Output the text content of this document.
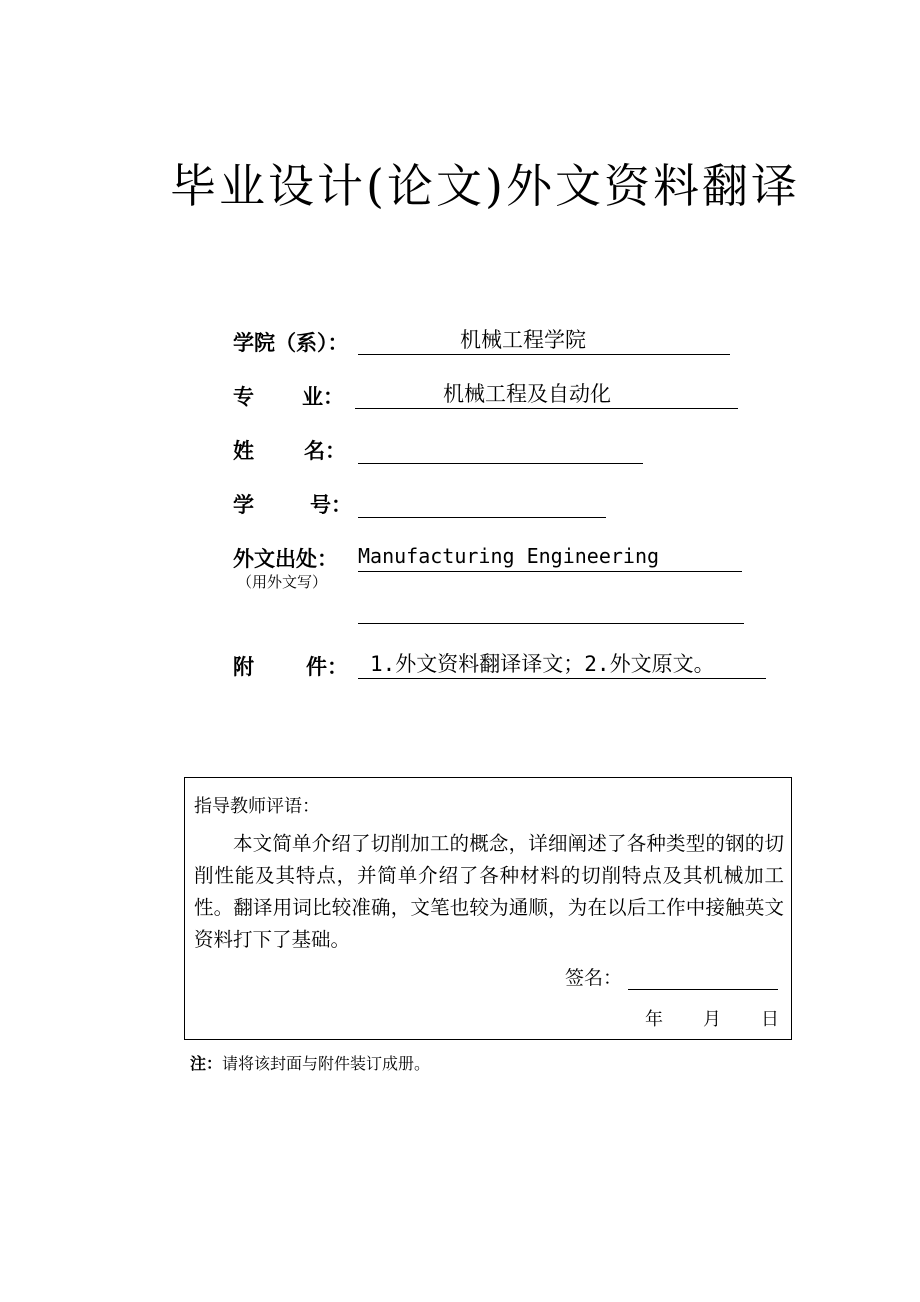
毕业设计(论文)外文资料翻译
学院（系）：	机械工程学院
专 业：	机械工程及自动化
姓 名：
学	号：
外文出处：
（用外文写）
Manufacturing Engineering
附 件：	1.外文资料翻译译文；2.外文原文。
指导教师评语：
本文简单介绍了切削加工的概念，详细阐述了各种类型的钢的切削性能及其特点，并简单介绍了各种材料的切削特点及其机械加工性。翻译用词比较准确，文笔也较为通顺，为在以后工作中接触英文资料打下了基础。
签名：
年 月 日
注：请将该封面与附件装订成册。
